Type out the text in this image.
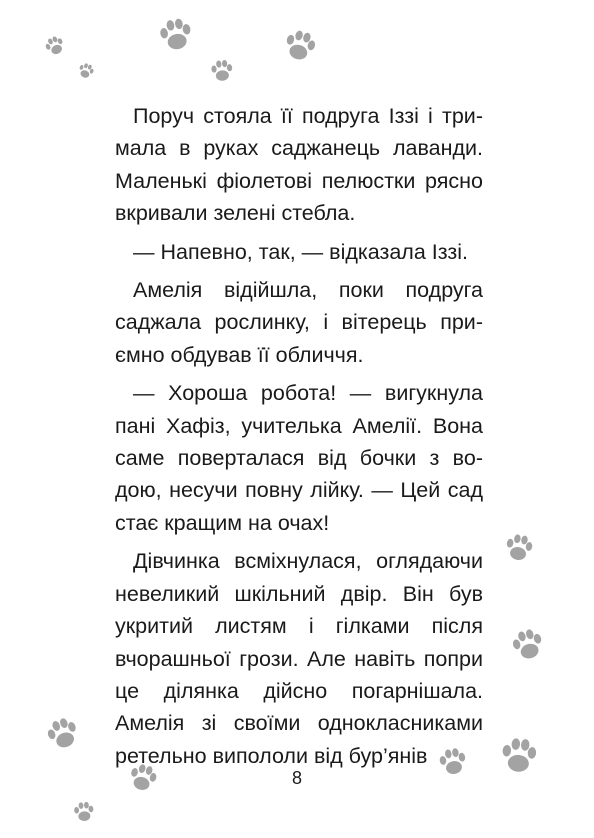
Поруч стояла її подруга Іззі і тримала в руках саджанець лаванди. Маленькі фіолетові пелюстки рясно вкривали зелені стебла.

— Напевно, так, — відказала Іззі.

Амелія відійшла, поки подруга саджала рослинку, і вітерець приємно обдував її обличчя.

— Хороша робота! — вигукнула пані Хафіз, учителька Амелії. Вона саме поверталася від бочки з водою, несучи повну лійку. — Цей сад стає кращим на очах!

Дівчинка всміхнулася, оглядаючи невеликий шкільний двір. Він був укритий листям і гілками після вчорашньої грози. Але навіть попри це ділянка дійсно погарнішала. Амелія зі своїми однокласниками ретельно випололи від бур’янів

8
